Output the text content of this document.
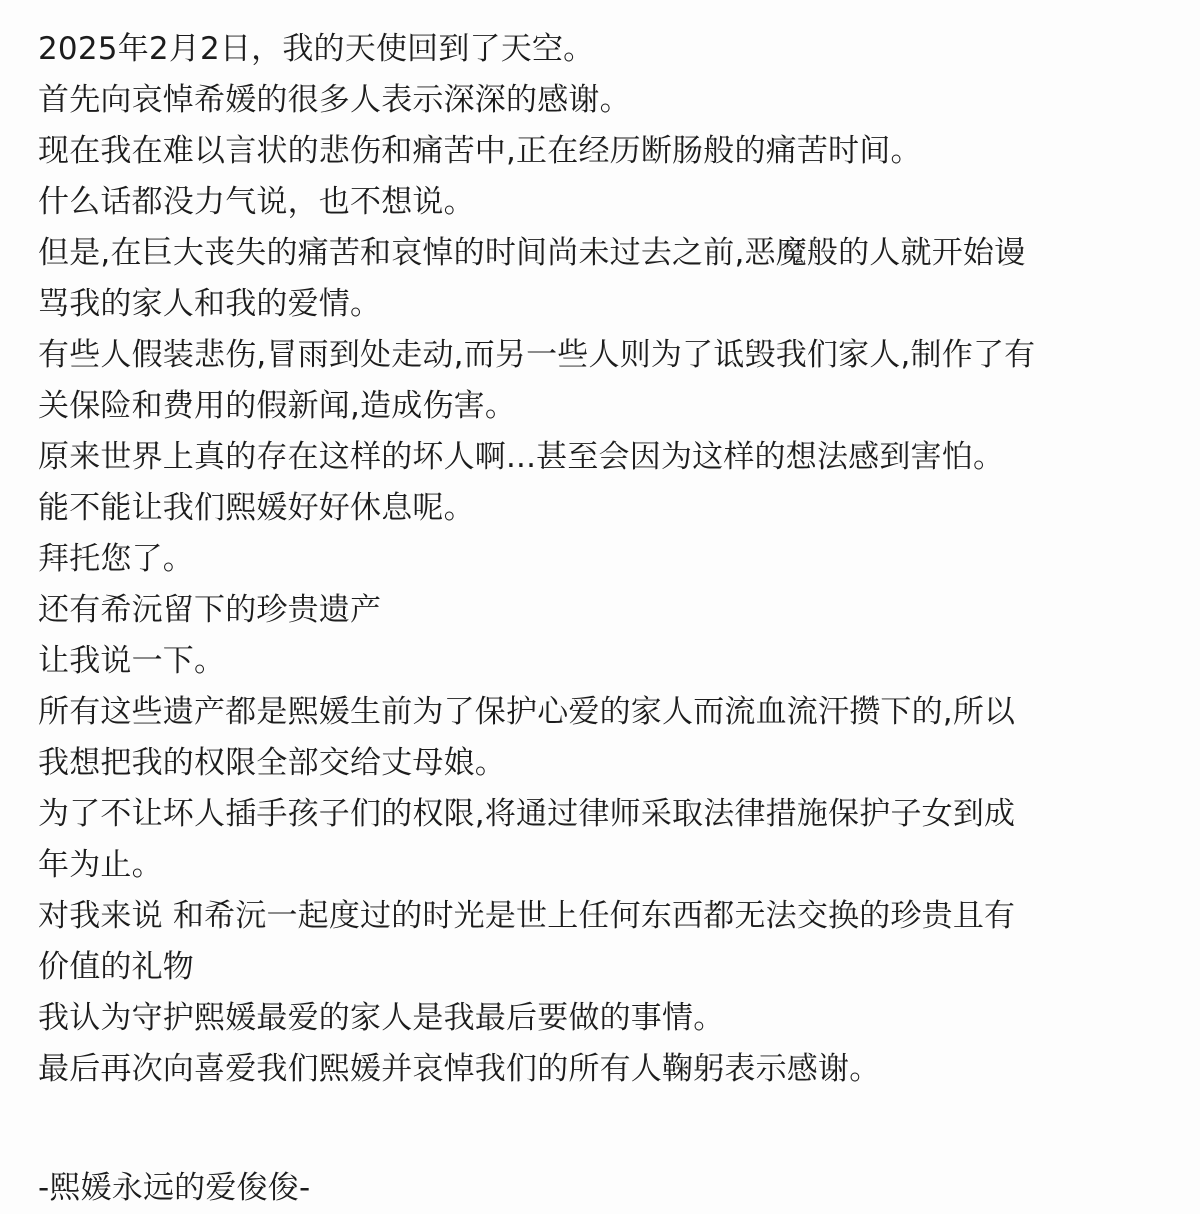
2025年2月2日，我的天使回到了天空。
首先向哀悼希媛的很多人表示深深的感谢。
现在我在难以言状的悲伤和痛苦中,正在经历断肠般的痛苦时间。
什么话都没力气说，也不想说。
但是,在巨大丧失的痛苦和哀悼的时间尚未过去之前,恶魔般的人就开始谩
骂我的家人和我的爱情。
有些人假装悲伤,冒雨到处走动,而另一些人则为了诋毁我们家人,制作了有
关保险和费用的假新闻,造成伤害。
原来世界上真的存在这样的坏人啊...甚至会因为这样的想法感到害怕。
能不能让我们熙媛好好休息呢。
拜托您了。
还有希沅留下的珍贵遗产
让我说一下。
所有这些遗产都是熙媛生前为了保护心爱的家人而流血流汗攒下的,所以
我想把我的权限全部交给丈母娘。
为了不让坏人插手孩子们的权限,将通过律师采取法律措施保护子女到成
年为止。
对我来说 和希沅一起度过的时光是世上任何东西都无法交换的珍贵且有
价值的礼物
我认为守护熙媛最爱的家人是我最后要做的事情。
最后再次向喜爱我们熙媛并哀悼我们的所有人鞠躬表示感谢。
-熙媛永远的爱俊俊-
